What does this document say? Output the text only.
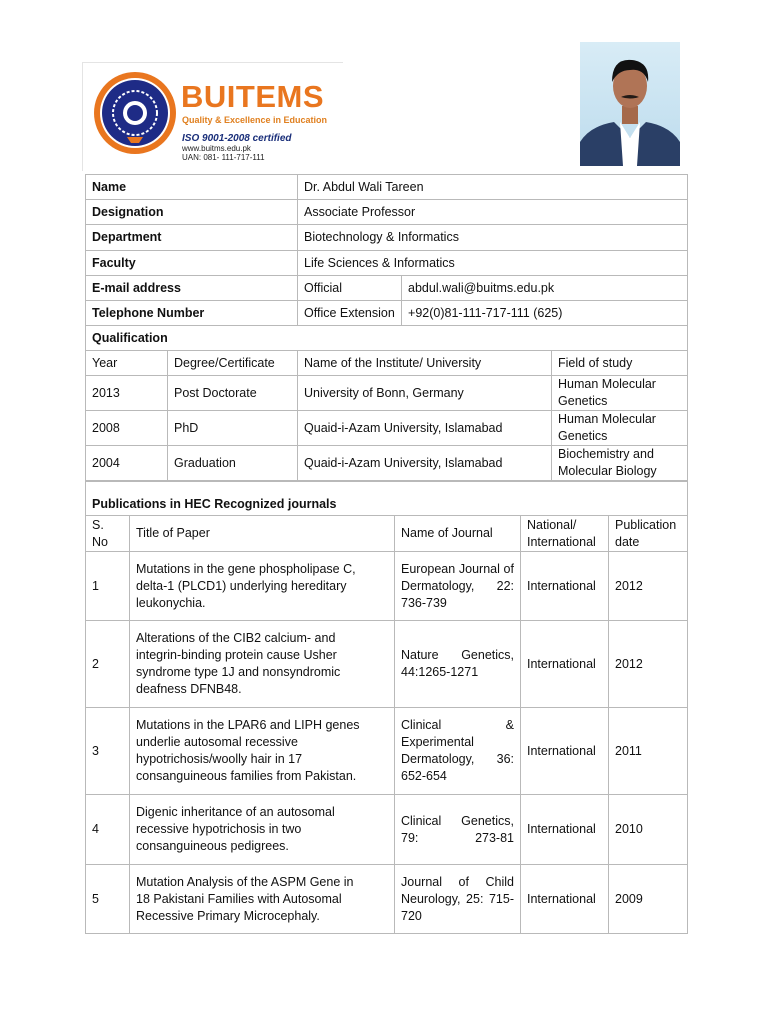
BUITEMS
Quality & Excellence in Education
ISO 9001-2008 certified
www.buitms.edu.pk
UAN: 081- 111-717-111
Name		Dr. Abdul Wali Tareen		
Designation		Associate Professor		
Department		Biotechnology & Informatics		
Faculty		Life Sciences & Informatics		
E-mail address		Official	abdul.wali@buitms.edu.pk	
Telephone Number		Office Extension	+92(0)81-111-717-111 (625)	
Qualification				
Year	Degree/Certificate	Name of the Institute/ University		Field of study
2013	Post Doctorate	University of Bonn, Germany		Human Molecular Genetics
2008	PhD	Quaid-i-Azam University, Islamabad		Human Molecular Genetics
2004	Graduation	Quaid-i-Azam University, Islamabad		Biochemistry and Molecular Biology
Publications in HEC Recognized journals				
S. No	Title of Paper	Name of Journal	National/ International	Publication date
1	Mutations in the gene phospholipase C, delta-1 (PLCD1) underlying hereditary leukonychia.	European Journal of Dermatology, 22: 736-739	International	2012
2	Alterations of the CIB2 calcium- and integrin-binding protein cause Usher syndrome type 1J and nonsyndromic deafness DFNB48.	Nature Genetics, 44:1265-1271	International	2012
3	Mutations in the LPAR6 and LIPH genes underlie autosomal recessive hypotrichosis/woolly hair in 17 consanguineous families from Pakistan.	Clinical & Experimental Dermatology, 36: 652-654	International	2011
4	Digenic inheritance of an autosomal recessive hypotrichosis in two consanguineous pedigrees.	Clinical Genetics, 79: 273-81	International	2010
5	Mutation Analysis of the ASPM Gene in 18 Pakistani Families with Autosomal Recessive Primary Microcephaly.	Journal of Child Neurology, 25: 715-720	International	2009
